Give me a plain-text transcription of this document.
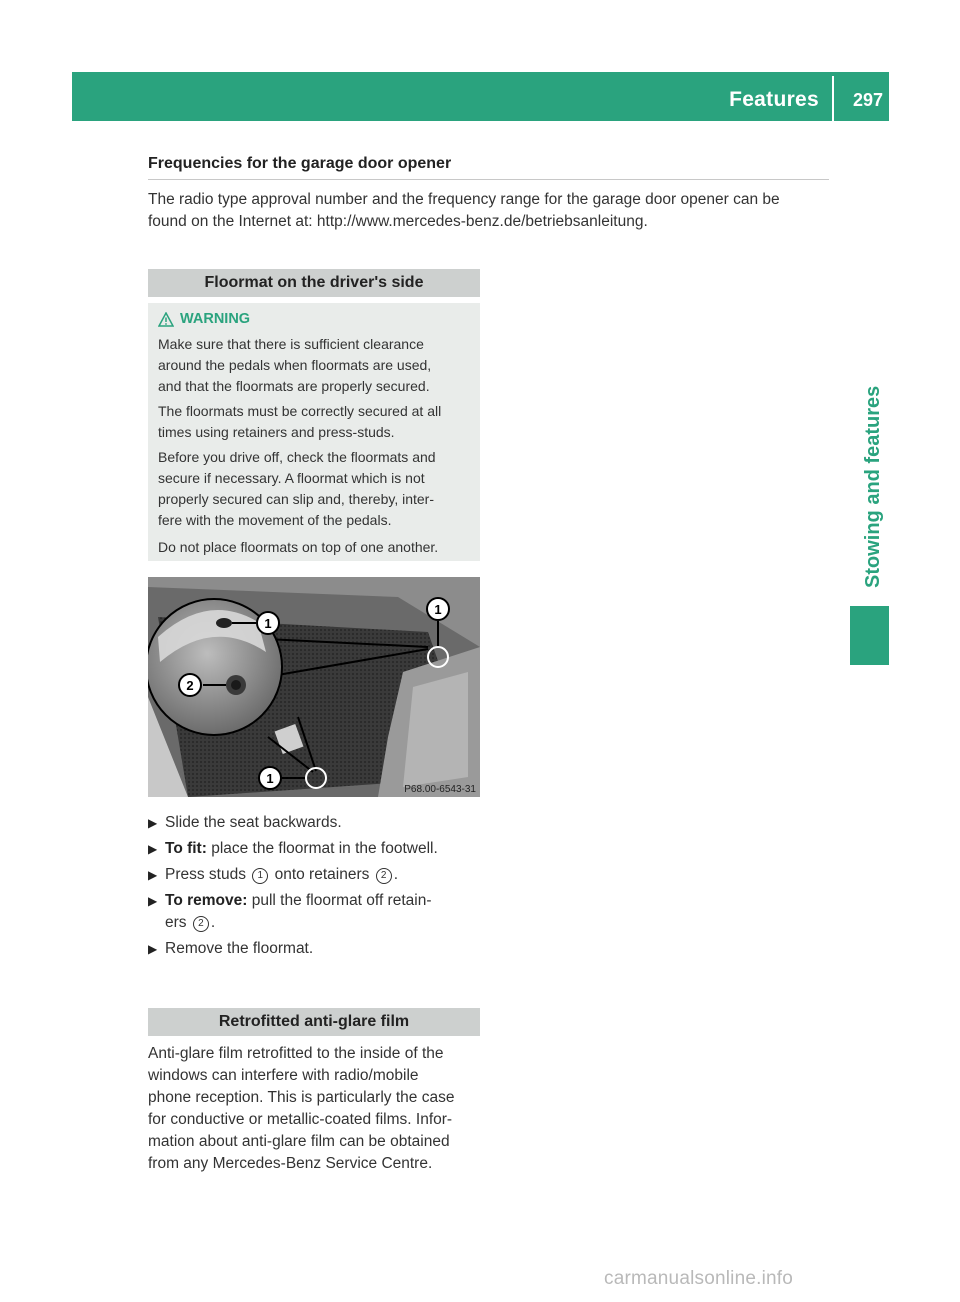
Features 297
Stowing and features
Frequencies for the garage door opener
The radio type approval number and the frequency range for the garage door opener can be
found on the Internet at: http://www.mercedes-benz.de/betriebsanleitung.
Floormat on the driver's side
WARNING
Make sure that there is sufficient clearance
around the pedals when floormats are used,
and that the floormats are properly secured.
The floormats must be correctly secured at all
times using retainers and press-studs.
Before you drive off, check the floormats and
secure if necessary. A floormat which is not
properly secured can slip and, thereby, inter-
fere with the movement of the pedals.
Do not place floormats on top of one another.
1
1
2
1
P68.00-6543-31
▶ Slide the seat backwards.
▶ To fit: place the floormat in the footwell.
▶ Press studs 1 onto retainers 2 .
▶ To remove: pull the floormat off retain-
ers 2 .
▶ Remove the floormat.
Retrofitted anti-glare film
Anti-glare film retrofitted to the inside of the
windows can interfere with radio/mobile
phone reception. This is particularly the case
for conductive or metallic-coated films. Infor-
mation about anti-glare film can be obtained
from any Mercedes-Benz Service Centre.
carmanualsonline.info
